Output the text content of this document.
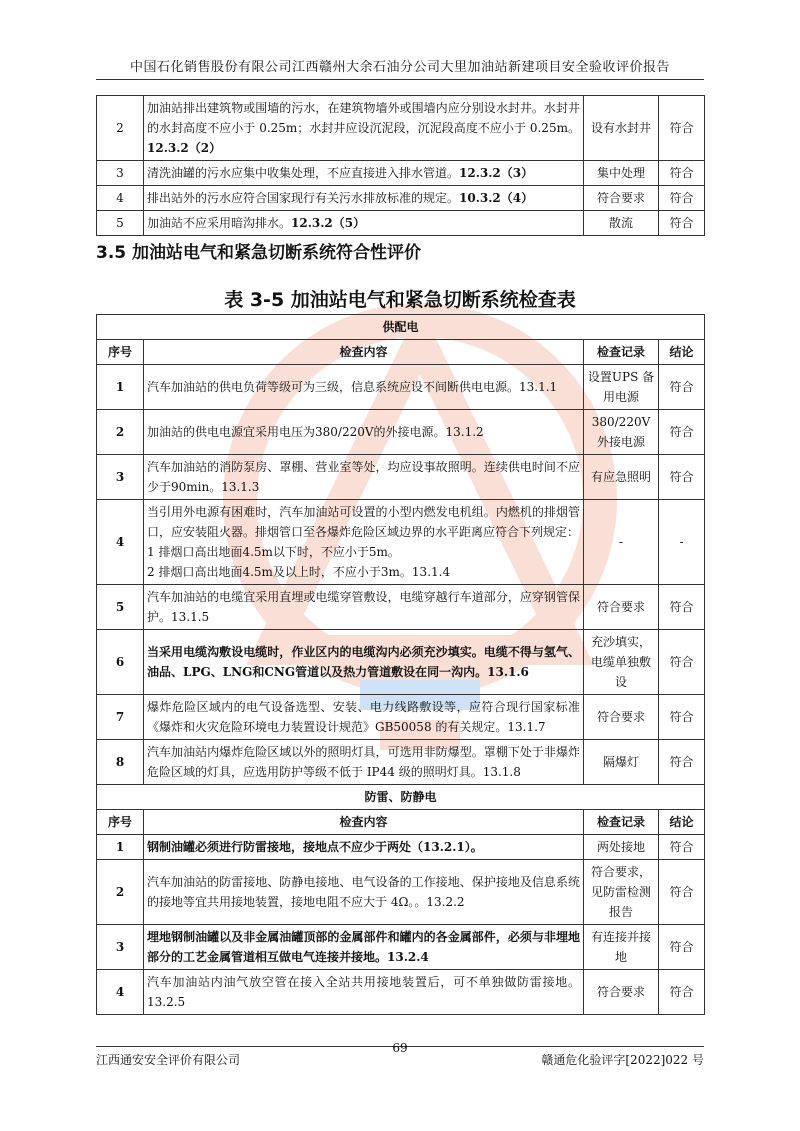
中国石化销售股份有限公司江西赣州大余石油分公司大里加油站新建项目安全验收评价报告
2	加油站排出建筑物或围墙的污水，在建筑物墙外或围墙内应分别设水封井。水封井的水封高度不应小于 0.25m；水封井应设沉泥段，沉泥段高度不应小于 0.25m。12.3.2（2）	设有水封井	符合
3	清洗油罐的污水应集中收集处理，不应直接进入排水管道。12.3.2（3）	集中处理	符合
4	排出站外的污水应符合国家现行有关污水排放标准的规定。10.3.2（4）	符合要求	符合
5	加油站不应采用暗沟排水。12.3.2（5）	散流	符合
3.5 加油站电气和紧急切断系统符合性评价
表 3-5 加油站电气和紧急切断系统检查表
供配电			
序号	检查内容	检查记录	结论
1	汽车加油站的供电负荷等级可为三级，信息系统应设不间断供电电源。13.1.1	设置UPS 备用电源	符合
2	加油站的供电电源宜采用电压为380/220V的外接电源。13.1.2	380/220V 外接电源	符合
3	汽车加油站的消防泵房、罩棚、营业室等处，均应设事故照明。连续供电时间不应少于90min。13.1.3	有应急照明	符合
4	当引用外电源有困难时，汽车加油站可设置的小型内燃发电机组。内燃机的排烟管口，应安装阻火器。排烟管口至各爆炸危险区域边界的水平距离应符合下列规定：
1 排烟口高出地面4.5m以下时，不应小于5m。
2 排烟口高出地面4.5m及以上时，不应小于3m。13.1.4	-	-
5	汽车加油站的电缆宜采用直埋或电缆穿管敷设，电缆穿越行车道部分，应穿钢管保护。13.1.5	符合要求	符合
6	当采用电缆沟敷设电缆时，作业区内的电缆沟内必须充沙填实。电缆不得与氢气、油品、LPG、LNG和CNG管道以及热力管道敷设在同一沟内。13.1.6	充沙填实，电缆单独敷设	符合
7	爆炸危险区域内的电气设备选型、安装、电力线路敷设等，应符合现行国家标准《爆炸和火灾危险环境电力装置设计规范》GB50058 的有关规定。13.1.7	符合要求	符合
8	汽车加油站内爆炸危险区域以外的照明灯具，可选用非防爆型。罩棚下处于非爆炸危险区域的灯具，应选用防护等级不低于 IP44 级的照明灯具。13.1.8	隔爆灯	符合
防雷、防静电			
序号	检查内容	检查记录	结论
1	钢制油罐必须进行防雷接地，接地点不应少于两处（13.2.1）。	两处接地	符合
2	汽车加油站的防雷接地、防静电接地、电气设备的工作接地、保护接地及信息系统的接地等宜共用接地装置，接地电阻不应大于 4Ω。。13.2.2	符合要求，见防雷检测报告	符合
3	埋地钢制油罐以及非金属油罐顶部的金属部件和罐内的各金属部件，必须与非埋地部分的工艺金属管道相互做电气连接并接地。13.2.4	有连接并接地	符合
4	汽车加油站内油气放空管在接入全站共用接地装置后，可不单独做防雷接地。13.2.5	符合要求	符合
江西通安安全评价有限公司
69
赣通危化验评字[2022]022 号
